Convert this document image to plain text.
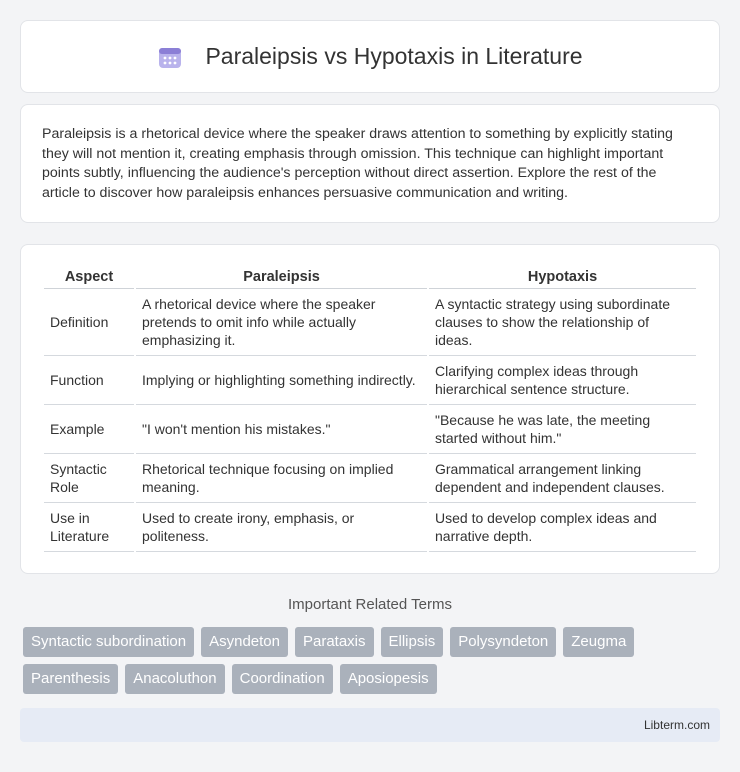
Paraleipsis vs Hypotaxis in Literature

Paraleipsis is a rhetorical device where the speaker draws attention to something by explicitly stating they will not mention it, creating emphasis through omission. This technique can highlight important points subtly, influencing the audience's perception without direct assertion. Explore the rest of the article to discover how paraleipsis enhances persuasive communication and writing.

Aspect	Paraleipsis	Hypotaxis
Definition	A rhetorical device where the speaker pretends to omit info while actually emphasizing it.	A syntactic strategy using subordinate clauses to show the relationship of ideas.
Function	Implying or highlighting something indirectly.	Clarifying complex ideas through hierarchical sentence structure.
Example	"I won't mention his mistakes."	"Because he was late, the meeting started without him."
Syntactic Role	Rhetorical technique focusing on implied meaning.	Grammatical arrangement linking dependent and independent clauses.
Use in Literature	Used to create irony, emphasis, or politeness.	Used to develop complex ideas and narrative depth.
Important Related Terms
Syntactic subordination	Asyndeton	Parataxis	Ellipsis	Polysyndeton	Zeugma
Parenthesis	Anacoluthon	Coordination	Aposiopesis
Libterm.com
